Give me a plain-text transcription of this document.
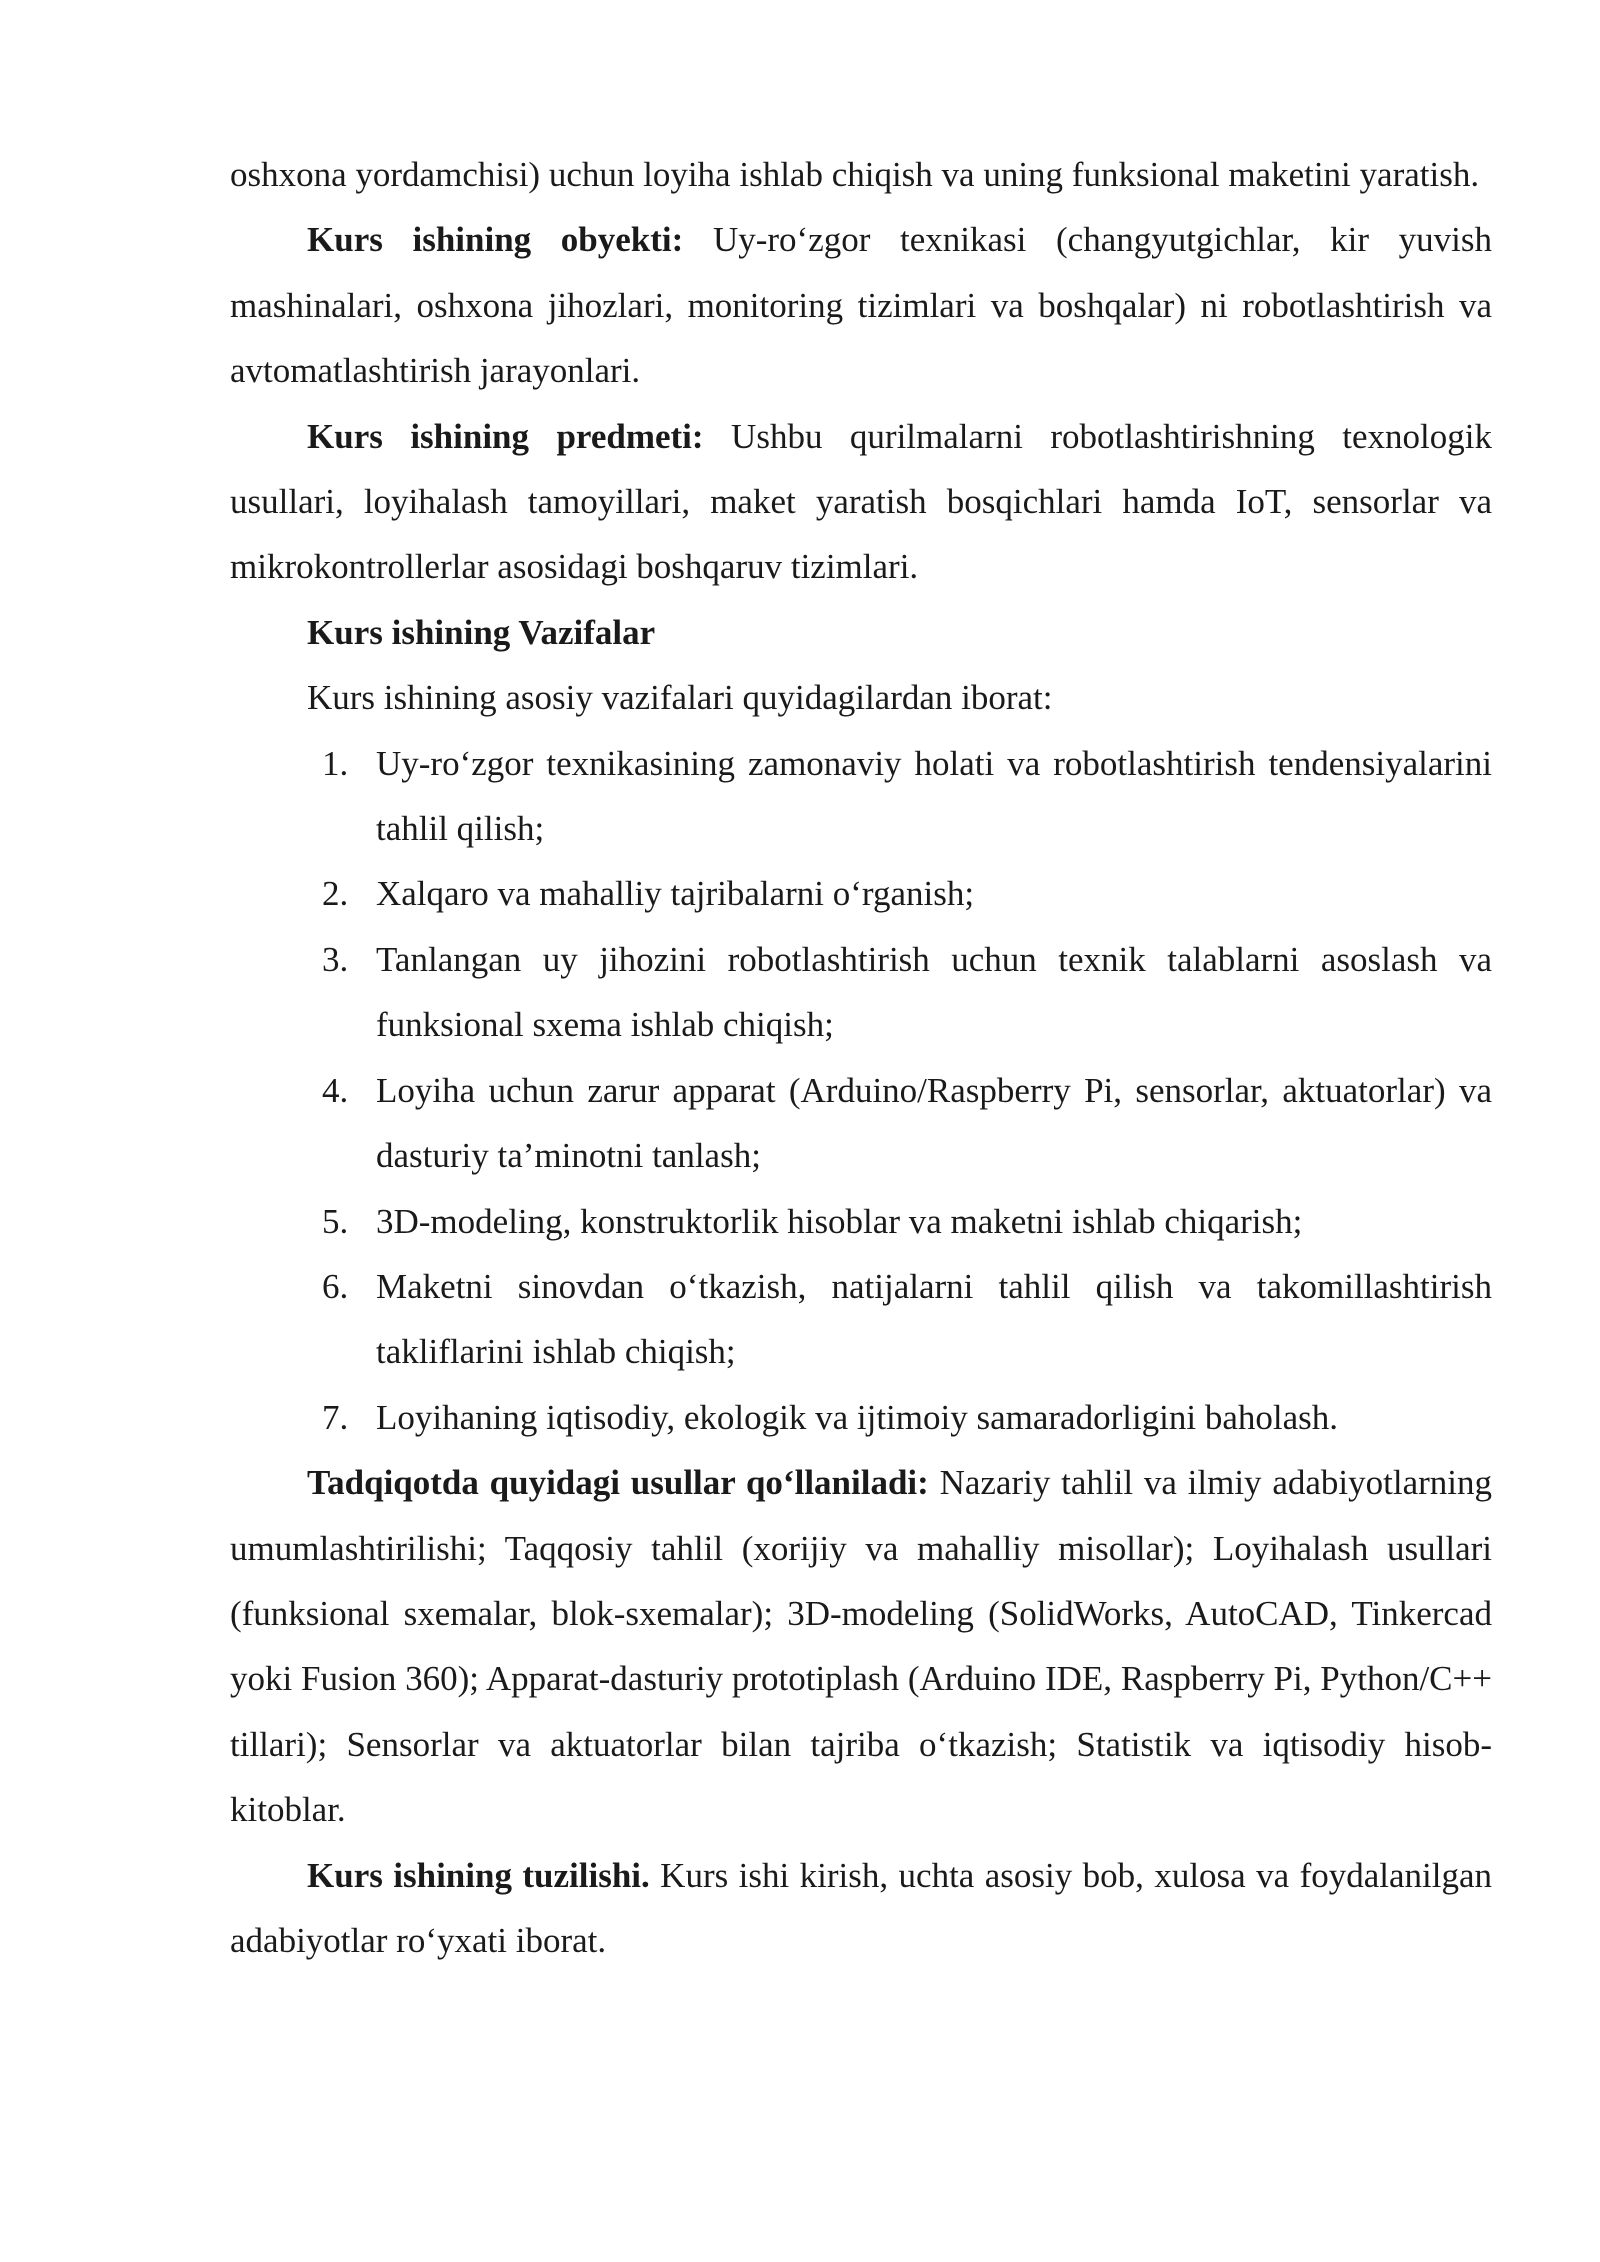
oshxona yordamchisi) uchun loyiha ishlab chiqish va uning funksional maketini yaratish.

Kurs ishining obyekti: Uy-ro‘zgor texnikasi (changyutgichlar, kir yuvish mashinalari, oshxona jihozlari, monitoring tizimlari va boshqalar) ni robotlashtirish va avtomatlashtirish jarayonlari.

Kurs ishining predmeti: Ushbu qurilmalarni robotlashtirishning texnologik usullari, loyihalash tamoyillari, maket yaratish bosqichlari hamda IoT, sensorlar va mikrokontrollerlar asosidagi boshqaruv tizimlari.

Kurs ishining Vazifalar

Kurs ishining asosiy vazifalari quyidagilardan iborat:

1. Uy-ro‘zgor texnikasining zamonaviy holati va robotlashtirish tendensiyalarini tahlil qilish;
2. Xalqaro va mahalliy tajribalarni o‘rganish;
3. Tanlangan uy jihozini robotlashtirish uchun texnik talablarni asoslash va funksional sxema ishlab chiqish;
4. Loyiha uchun zarur apparat (Arduino/Raspberry Pi, sensorlar, aktuatorlar) va dasturiy ta’minotni tanlash;
5. 3D-modeling, konstruktorlik hisoblar va maketni ishlab chiqarish;
6. Maketni sinovdan o‘tkazish, natijalarni tahlil qilish va takomillashtirish takliflarini ishlab chiqish;
7. Loyihaning iqtisodiy, ekologik va ijtimoiy samaradorligini baholash.

Tadqiqotda quyidagi usullar qo‘llaniladi: Nazariy tahlil va ilmiy adabiyotlarning umumlashtirilishi; Taqqosiy tahlil (xorijiy va mahalliy misollar); Loyihalash usullari (funksional sxemalar, blok-sxemalar); 3D-modeling (SolidWorks, AutoCAD, Tinkercad yoki Fusion 360); Apparat-dasturiy prototiplash (Arduino IDE, Raspberry Pi, Python/C++ tillari); Sensorlar va aktuatorlar bilan tajriba o‘tkazish; Statistik va iqtisodiy hisob-kitoblar.

Kurs ishining tuzilishi. Kurs ishi kirish, uchta asosiy bob, xulosa va foydalanilgan adabiyotlar ro‘yxati iborat.
